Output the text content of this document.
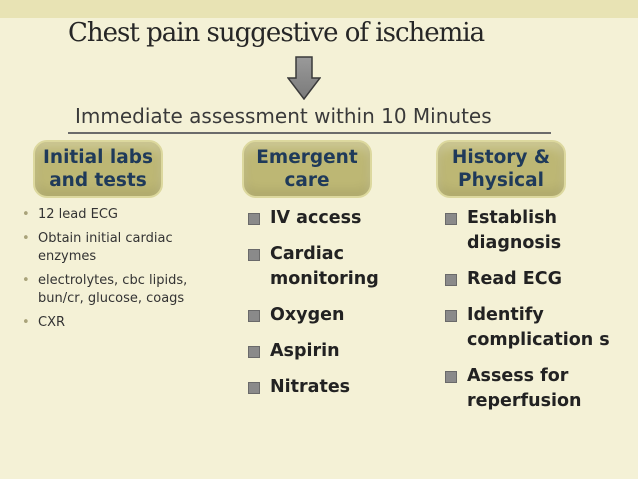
Chest pain suggestive of ischemia
Immediate assessment within 10 Minutes
Initial labs and tests
Emergent care
History & Physical
• 12 lead ECG
• Obtain initial cardiac enzymes
• electrolytes, cbc lipids, bun/cr, glucose, coags
• CXR
IV access
Cardiac monitoring
Oxygen
Aspirin
Nitrates
Establish diagnosis
Read ECG
Identify complication s
Assess for reperfusion
